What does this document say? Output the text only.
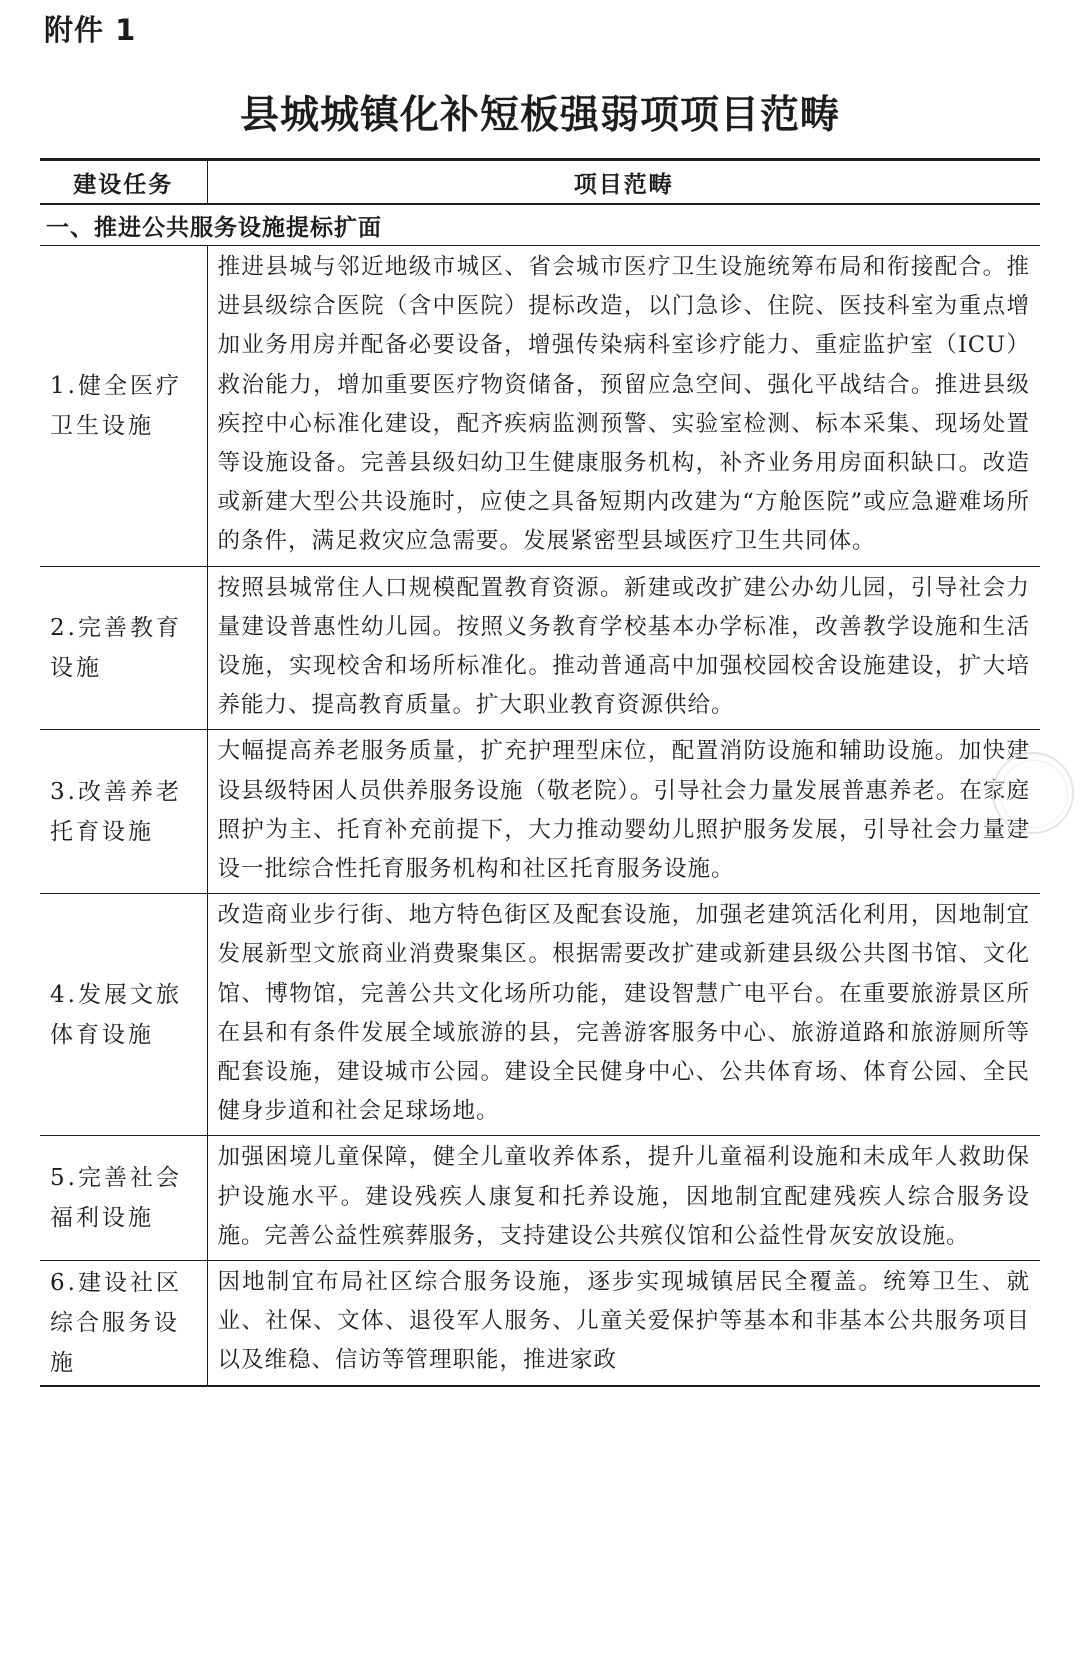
附件 1
县城城镇化补短板强弱项项目范畴
建设任务	项目范畴
一、推进公共服务设施提标扩面	
1.健全医疗卫生设施	推进县城与邻近地级市城区、省会城市医疗卫生设施统筹布局和衔接配合。推进县级综合医院（含中医院）提标改造，以门急诊、住院、医技科室为重点增加业务用房并配备必要设备，增强传染病科室诊疗能力、重症监护室（ICU）救治能力，增加重要医疗物资储备，预留应急空间、强化平战结合。推进县级疾控中心标准化建设，配齐疾病监测预警、实验室检测、标本采集、现场处置等设施设备。完善县级妇幼卫生健康服务机构，补齐业务用房面积缺口。改造或新建大型公共设施时，应使之具备短期内改建为“方舱医院”或应急避难场所的条件，满足救灾应急需要。发展紧密型县域医疗卫生共同体。
2.完善教育设施	按照县城常住人口规模配置教育资源。新建或改扩建公办幼儿园，引导社会力量建设普惠性幼儿园。按照义务教育学校基本办学标准，改善教学设施和生活设施，实现校舍和场所标准化。推动普通高中加强校园校舍设施建设，扩大培养能力、提高教育质量。扩大职业教育资源供给。
3.改善养老托育设施	大幅提高养老服务质量，扩充护理型床位，配置消防设施和辅助设施。加快建设县级特困人员供养服务设施（敬老院）。引导社会力量发展普惠养老。在家庭照护为主、托育补充前提下，大力推动婴幼儿照护服务发展，引导社会力量建设一批综合性托育服务机构和社区托育服务设施。
4.发展文旅体育设施	改造商业步行街、地方特色街区及配套设施，加强老建筑活化利用，因地制宜发展新型文旅商业消费聚集区。根据需要改扩建或新建县级公共图书馆、文化馆、博物馆，完善公共文化场所功能，建设智慧广电平台。在重要旅游景区所在县和有条件发展全域旅游的县，完善游客服务中心、旅游道路和旅游厕所等配套设施，建设城市公园。建设全民健身中心、公共体育场、体育公园、全民健身步道和社会足球场地。
5.完善社会福利设施	加强困境儿童保障，健全儿童收养体系，提升儿童福利设施和未成年人救助保护设施水平。建设残疾人康复和托养设施，因地制宜配建残疾人综合服务设施。完善公益性殡葬服务，支持建设公共殡仪馆和公益性骨灰安放设施。
6.建设社区综合服务设施	因地制宜布局社区综合服务设施，逐步实现城镇居民全覆盖。统筹卫生、就业、社保、文体、退役军人服务、儿童关爱保护等基本和非基本公共服务项目以及维稳、信访等管理职能，推进家政
